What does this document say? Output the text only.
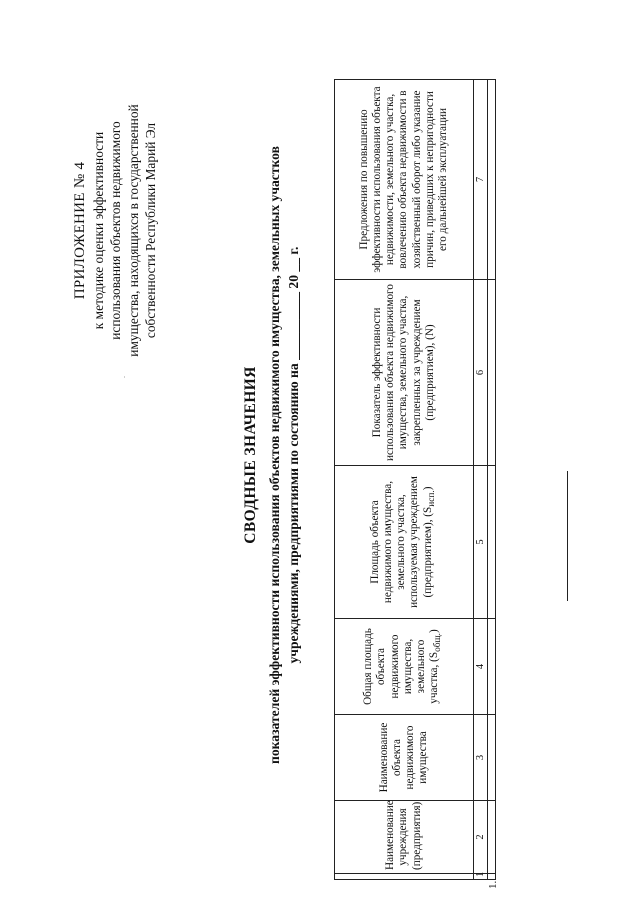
ПРИЛОЖЕНИЕ № 4 к методике оценки эффективности использования объектов недвижимого имущества, находящихся в государственной собственности Республики Марий Эл
.	СВОДНЫЕ ЗНАЧЕНИЯ показателей эффективности использования объектов недвижимого имущества, земельных участков учреждениями, предприятиями по состоянию на __________ 20 __ г.
	Наименование учреждения (предприятия)	Наименование объекта недвижимого имущества	Общая площадь объекта недвижимого имущества, земельного участка, $(S_{общ.})$	Площадь объекта недвижимого имущества, земельного участка, используемая учреждением (предприятием), $(S_{исп.})$	Показатель эффективности использования объекта недвижимого имущества, земельного участка, закрепленных за учреждением (предприятием), (N)	Предложения по повышению эффективности использования объекта недвижимости, земельного участка, вовлечению объекта недвижимости в хозяйственный оборот либо указание причин, приведших к непригодности его дальнейшей эксплуатации
1	2	3	4	5	6	7

1.
